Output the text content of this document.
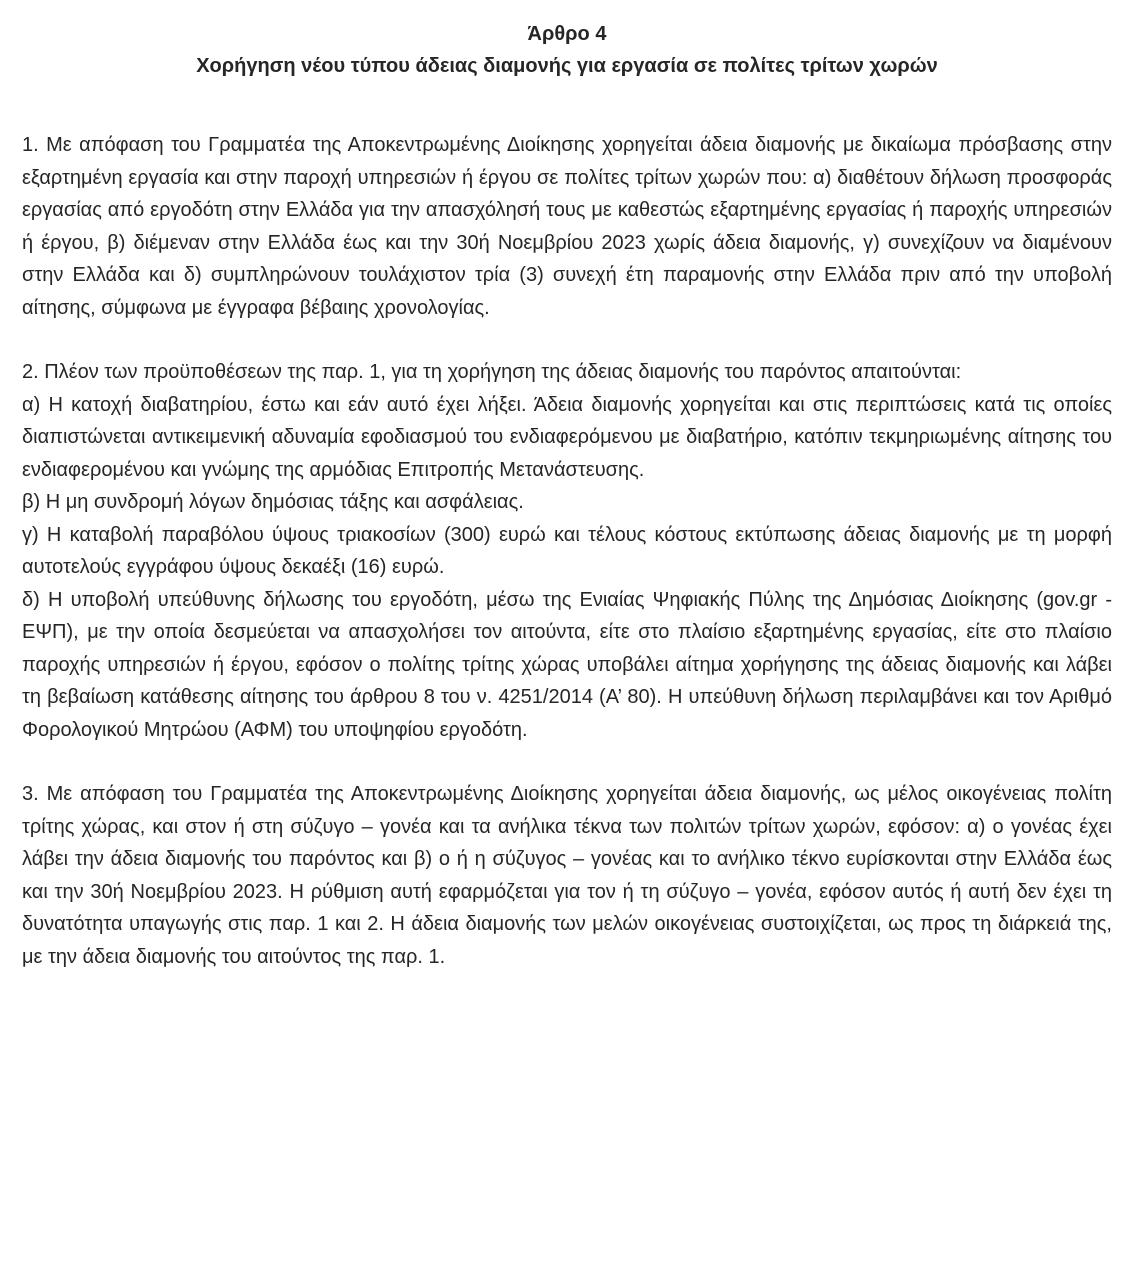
Άρθρο 4
Χορήγηση νέου τύπου άδειας διαμονής για εργασία σε πολίτες τρίτων χωρών

1. Με απόφαση του Γραμματέα της Αποκεντρωμένης Διοίκησης χορηγείται άδεια διαμονής με δικαίωμα πρόσβασης στην εξαρτημένη εργασία και στην παροχή υπηρεσιών ή έργου σε πολίτες τρίτων χωρών που: α) διαθέτουν δήλωση προσφοράς εργασίας από εργοδότη στην Ελλάδα για την απασχόλησή τους με καθεστώς εξαρτημένης εργασίας ή παροχής υπηρεσιών ή έργου, β) διέμεναν στην Ελλάδα έως και την 30ή Νοεμβρίου 2023 χωρίς άδεια διαμονής, γ) συνεχίζουν να διαμένουν στην Ελλάδα και δ) συμπληρώνουν τουλάχιστον τρία (3) συνεχή έτη παραμονής στην Ελλάδα πριν από την υποβολή αίτησης, σύμφωνα με έγγραφα βέβαιης χρονολογίας.

2. Πλέον των προϋποθέσεων της παρ. 1, για τη χορήγηση της άδειας διαμονής του παρόντος απαιτούνται:

α) Η κατοχή διαβατηρίου, έστω και εάν αυτό έχει λήξει. Άδεια διαμονής χορηγείται και στις περιπτώσεις κατά τις οποίες διαπιστώνεται αντικειμενική αδυναμία εφοδιασμού του ενδιαφερόμενου με διαβατήριο, κατόπιν τεκμηριωμένης αίτησης του ενδιαφερομένου και γνώμης της αρμόδιας Επιτροπής Μετανάστευσης.

β) Η μη συνδρομή λόγων δημόσιας τάξης και ασφάλειας.

γ) Η καταβολή παραβόλου ύψους τριακοσίων (300) ευρώ και τέλους κόστους εκτύπωσης άδειας διαμονής με τη μορφή αυτοτελούς εγγράφου ύψους δεκαέξι (16) ευρώ.

δ) Η υποβολή υπεύθυνης δήλωσης του εργοδότη, μέσω της Ενιαίας Ψηφιακής Πύλης της Δημόσιας Διοίκησης (gov.gr - ΕΨΠ), με την οποία δεσμεύεται να απασχολήσει τον αιτούντα, είτε στο πλαίσιο εξαρτημένης εργασίας, είτε στο πλαίσιο παροχής υπηρεσιών ή έργου, εφόσον ο πολίτης τρίτης χώρας υποβάλει αίτημα χορήγησης της άδειας διαμονής και λάβει τη βεβαίωση κατάθεσης αίτησης του άρθρου 8 του ν. 4251/2014 (Α’ 80). Η υπεύθυνη δήλωση περιλαμβάνει και τον Αριθμό Φορολογικού Μητρώου (ΑΦΜ) του υποψηφίου εργοδότη.

3. Με απόφαση του Γραμματέα της Αποκεντρωμένης Διοίκησης χορηγείται άδεια διαμονής, ως μέλος οικογένειας πολίτη τρίτης χώρας, και στον ή στη σύζυγο – γονέα και τα ανήλικα τέκνα των πολιτών τρίτων χωρών, εφόσον: α) ο γονέας έχει λάβει την άδεια διαμονής του παρόντος και β) ο ή η σύζυγος – γονέας και το ανήλικο τέκνο ευρίσκονται στην Ελλάδα έως και την 30ή Νοεμβρίου 2023. Η ρύθμιση αυτή εφαρμόζεται για τον ή τη σύζυγο – γονέα, εφόσον αυτός ή αυτή δεν έχει τη δυνατότητα υπαγωγής στις παρ. 1 και 2. Η άδεια διαμονής των μελών οικογένειας συστοιχίζεται, ως προς τη διάρκειά της, με την άδεια διαμονής του αιτούντος της παρ. 1.
